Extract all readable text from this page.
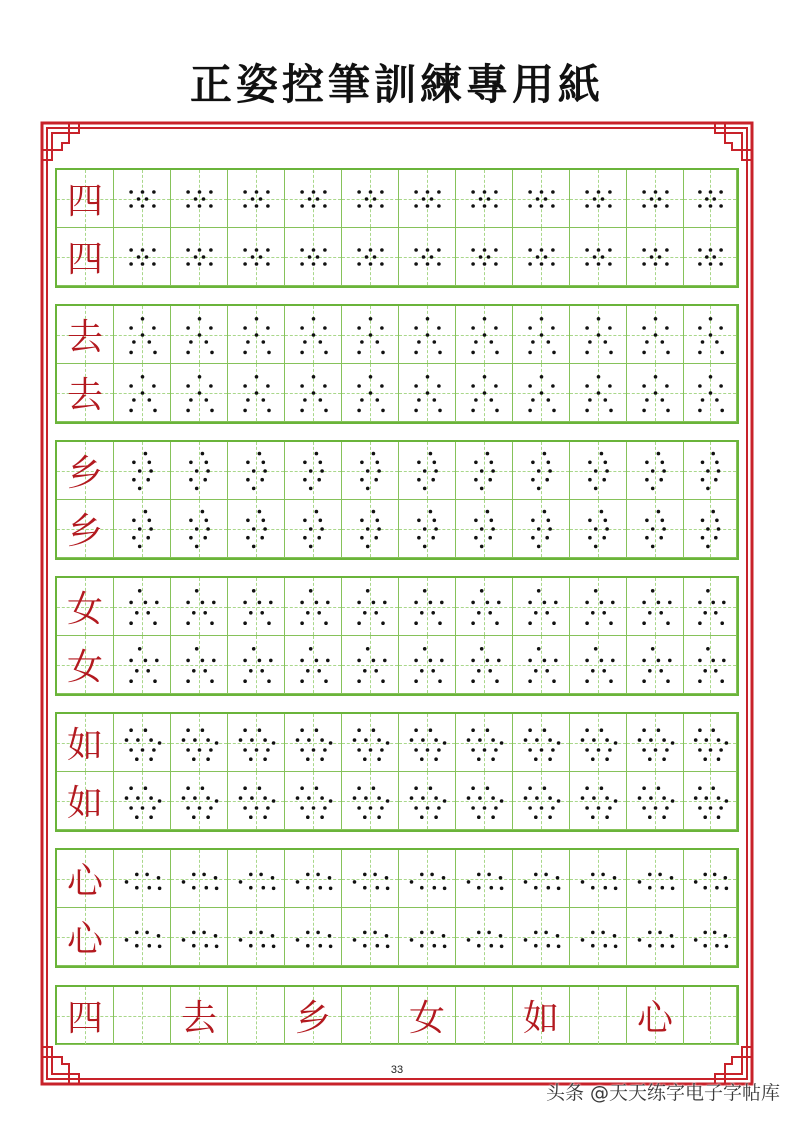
正姿控筆訓練專用紙
四
四
去
去
乡
乡
女
女
如
如
心
心
四 去 乡 女 如 心
33
头条 @天天练字电子字帖库
